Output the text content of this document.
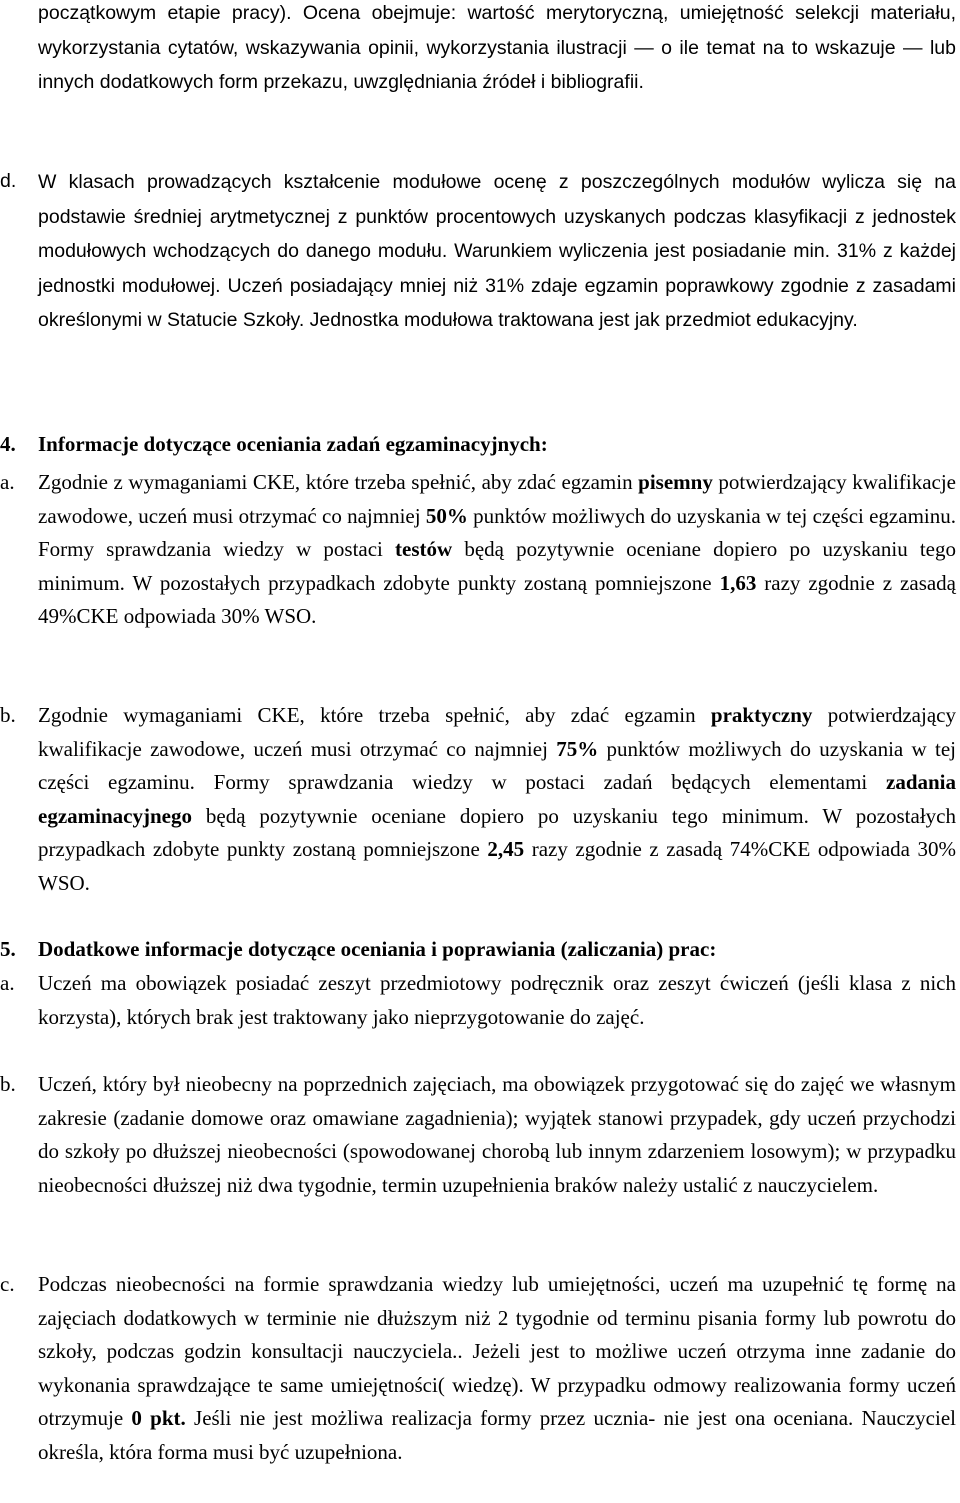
początkowym etapie pracy). Ocena obejmuje: wartość merytoryczną, umiejętność selekcji materiału, wykorzystania cytatów, wskazywania opinii, wykorzystania ilustracji — o ile temat na to wskazuje — lub innych dodatkowych form przekazu, uwzględniania źródeł i bibliografii.

d. W klasach prowadzących kształcenie modułowe ocenę z poszczególnych modułów wylicza się na podstawie średniej arytmetycznej z punktów procentowych uzyskanych podczas klasyfikacji z jednostek modułowych wchodzących do danego modułu. Warunkiem wyliczenia jest posiadanie min. 31% z każdej jednostki modułowej. Uczeń posiadający mniej niż 31% zdaje egzamin poprawkowy zgodnie z zasadami określonymi w Statucie Szkoły. Jednostka modułowa traktowana jest jak przedmiot edukacyjny.
4. Informacje dotyczące oceniania zadań egzaminacyjnych:
a. Zgodnie z wymaganiami CKE, które trzeba spełnić, aby zdać egzamin pisemny potwierdzający kwalifikacje zawodowe, uczeń musi otrzymać co najmniej 50% punktów możliwych do uzyskania w tej części egzaminu. Formy sprawdzania wiedzy w postaci testów będą pozytywnie oceniane dopiero po uzyskaniu tego minimum. W pozostałych przypadkach zdobyte punkty zostaną pomniejszone 1,63 razy zgodnie z zasadą 49%CKE odpowiada 30% WSO.
b. Zgodnie wymaganiami CKE, które trzeba spełnić, aby zdać egzamin praktyczny potwierdzający kwalifikacje zawodowe, uczeń musi otrzymać co najmniej 75% punktów możliwych do uzyskania w tej części egzaminu. Formy sprawdzania wiedzy w postaci zadań będących elementami zadania egzaminacyjnego będą pozytywnie oceniane dopiero po uzyskaniu tego minimum. W pozostałych przypadkach zdobyte punkty zostaną pomniejszone 2,45 razy zgodnie z zasadą 74%CKE odpowiada 30% WSO.
5. Dodatkowe informacje dotyczące oceniania i poprawiania (zaliczania) prac:
a. Uczeń ma obowiązek posiadać zeszyt przedmiotowy podręcznik oraz zeszyt ćwiczeń (jeśli klasa z nich korzysta), których brak jest traktowany jako nieprzygotowanie do zajęć.
b. Uczeń, który był nieobecny na poprzednich zajęciach, ma obowiązek przygotować się do zajęć we własnym zakresie (zadanie domowe oraz omawiane zagadnienia); wyjątek stanowi przypadek, gdy uczeń przychodzi do szkoły po dłuższej nieobecności (spowodowanej chorobą lub innym zdarzeniem losowym); w przypadku nieobecności dłuższej niż dwa tygodnie, termin uzupełnienia braków należy ustalić z nauczycielem.
c. Podczas nieobecności na formie sprawdzania wiedzy lub umiejętności, uczeń ma uzupełnić tę formę na zajęciach dodatkowych w terminie nie dłuższym niż 2 tygodnie od terminu pisania formy lub powrotu do szkoły, podczas godzin konsultacji nauczyciela.. Jeżeli jest to możliwe uczeń otrzyma inne zadanie do wykonania sprawdzające te same umiejętności( wiedzę). W przypadku odmowy realizowania formy uczeń otrzymuje 0 pkt. Jeśli nie jest możliwa realizacja formy przez ucznia- nie jest ona oceniana. Nauczyciel określa, która forma musi być uzupełniona.
